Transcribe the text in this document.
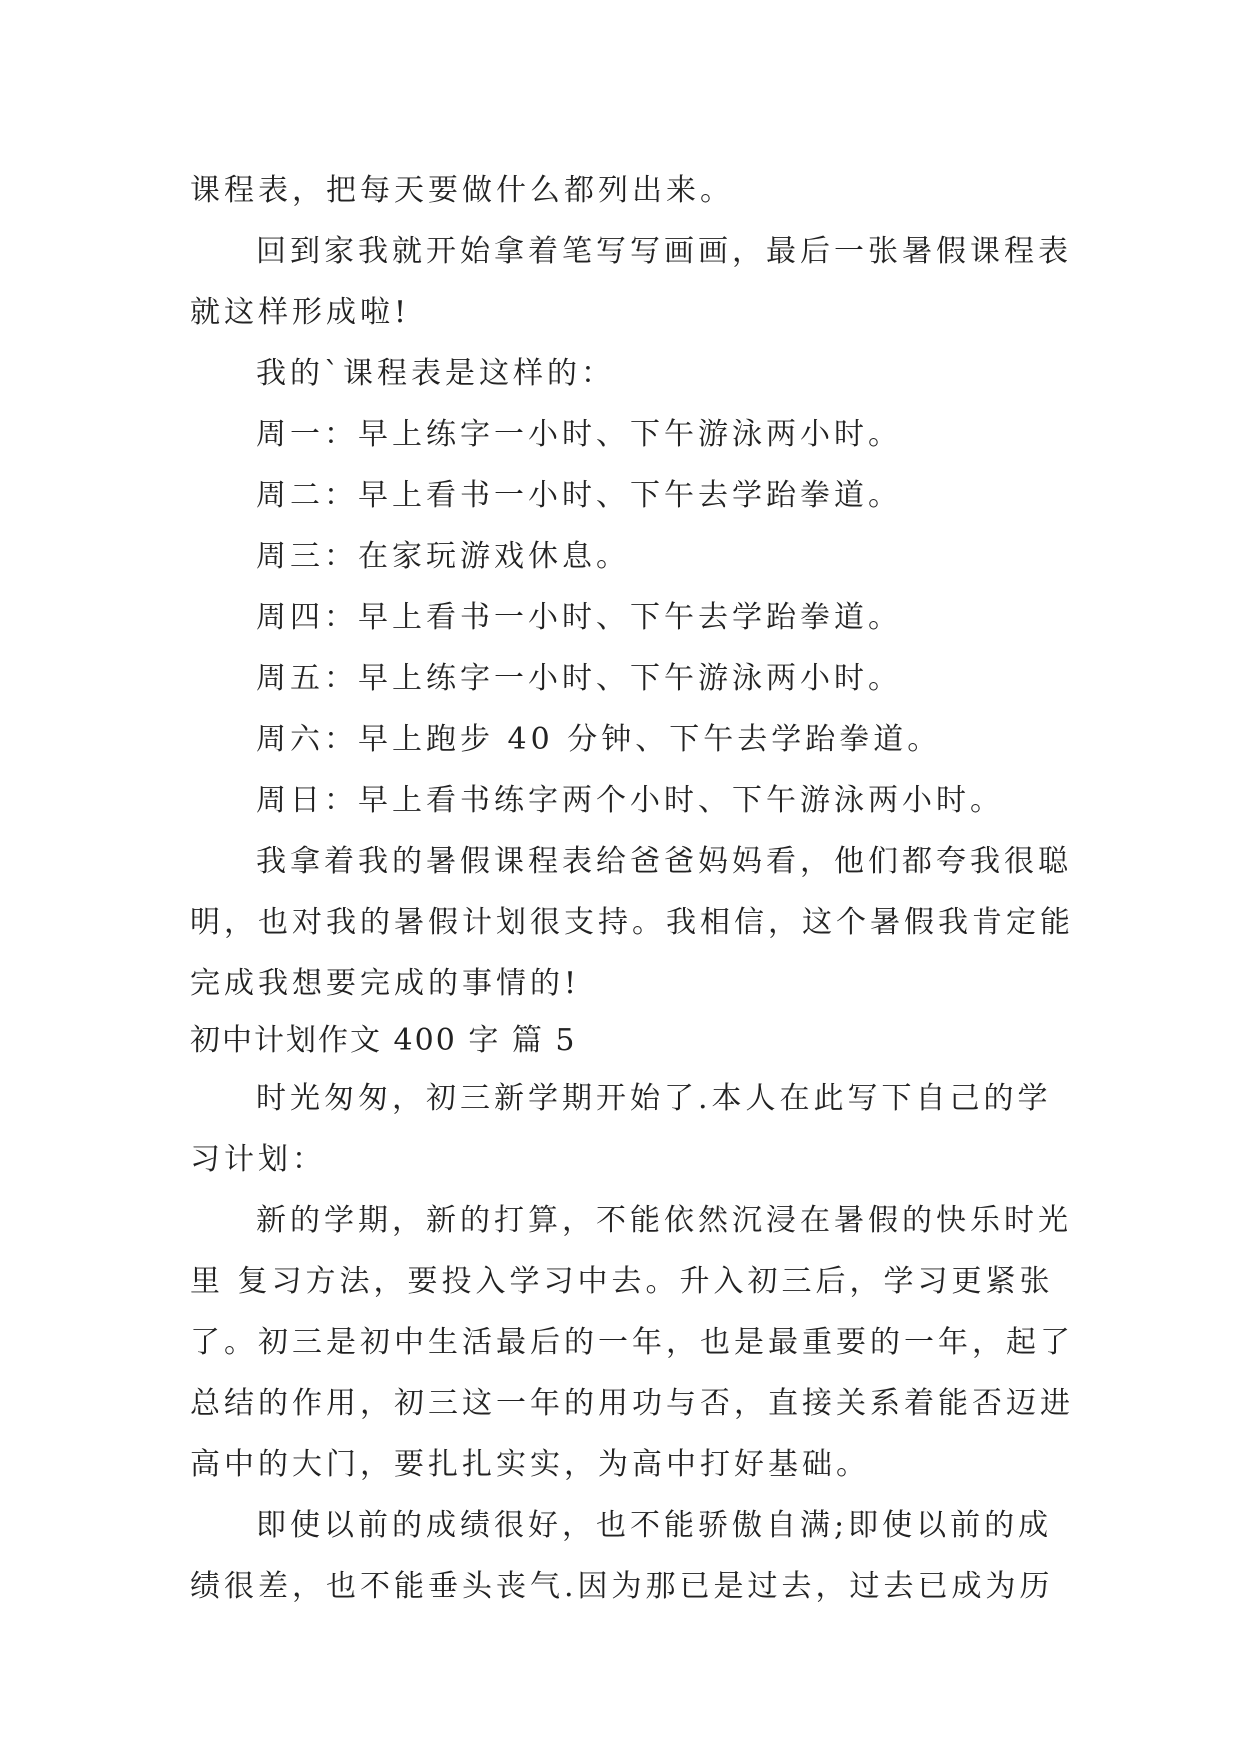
课程表，把每天要做什么都列出来。
回到家我就开始拿着笔写写画画，最后一张暑假课程表
就这样形成啦!
我的`课程表是这样的：
周一：早上练字一小时、下午游泳两小时。
周二：早上看书一小时、下午去学跆拳道。
周三：在家玩游戏休息。
周四：早上看书一小时、下午去学跆拳道。
周五：早上练字一小时、下午游泳两小时。
周六：早上跑步 40 分钟、下午去学跆拳道。
周日：早上看书练字两个小时、下午游泳两小时。
我拿着我的暑假课程表给爸爸妈妈看，他们都夸我很聪
明，也对我的暑假计划很支持。我相信，这个暑假我肯定能
完成我想要完成的事情的!
初中计划作文 400 字 篇 5
时光匆匆，初三新学期开始了.本人在此写下自己的学
习计划：
新的学期，新的打算，不能依然沉浸在暑假的快乐时光
里 复习方法，要投入学习中去。升入初三后，学习更紧张
了。初三是初中生活最后的一年，也是最重要的一年，起了
总结的作用，初三这一年的用功与否，直接关系着能否迈进
高中的大门，要扎扎实实，为高中打好基础。
即使以前的成绩很好，也不能骄傲自满;即使以前的成
绩很差，也不能垂头丧气.因为那已是过去，过去已成为历
